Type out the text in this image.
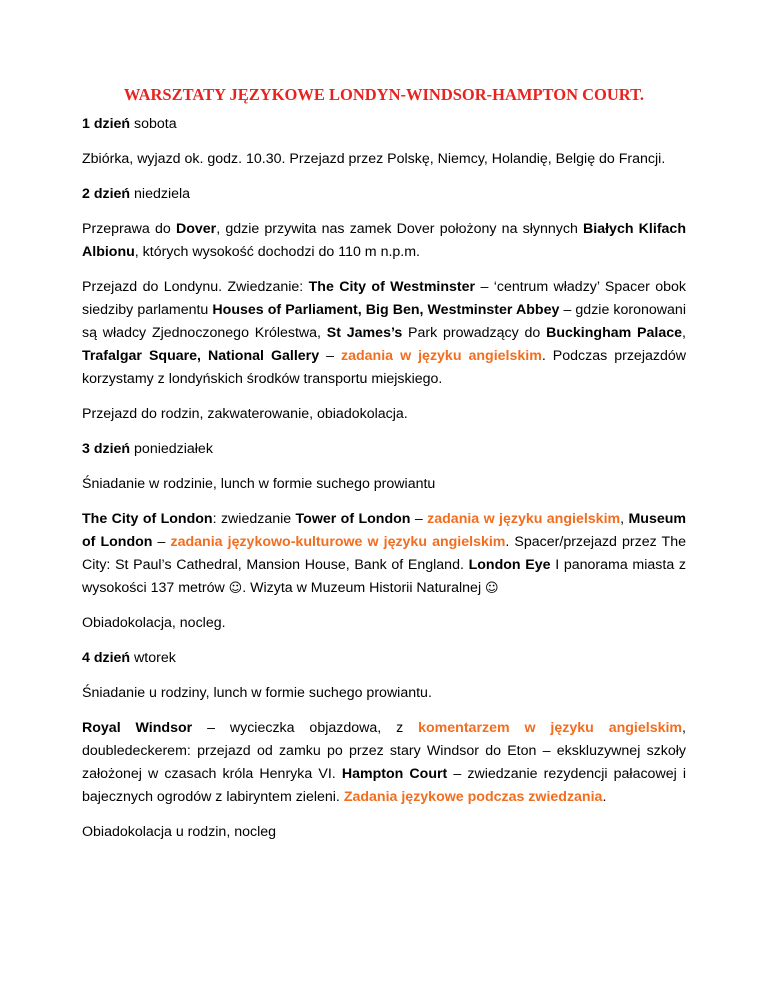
WARSZTATY JĘZYKOWE LONDYN-WINDSOR-HAMPTON COURT.

1 dzień sobota

Zbiórka, wyjazd ok. godz. 10.30. Przejazd przez Polskę, Niemcy, Holandię, Belgię do Francji.

2 dzień niedziela

Przeprawa do Dover, gdzie przywita nas zamek Dover położony na słynnych Białych Klifach Albionu, których wysokość dochodzi do 110 m n.p.m.

Przejazd do Londynu. Zwiedzanie: The City of Westminster – ‘centrum władzy’ Spacer obok siedziby parlamentu Houses of Parliament, Big Ben, Westminster Abbey – gdzie koronowani są władcy Zjednoczonego Królestwa, St James’s Park prowadzący do Buckingham Palace, Trafalgar Square, National Gallery – zadania w języku angielskim. Podczas przejazdów korzystamy z londyńskich środków transportu miejskiego.

Przejazd do rodzin, zakwaterowanie, obiadokolacja.

3 dzień poniedziałek

Śniadanie w rodzinie, lunch w formie suchego prowiantu

The City of London: zwiedzanie Tower of London – zadania w języku angielskim, Museum of London – zadania językowo-kulturowe w języku angielskim. Spacer/przejazd przez The City: St Paul’s Cathedral, Mansion House, Bank of England. London Eye I panorama miasta z wysokości 137 metrów ☺. Wizyta w Muzeum Historii Naturalnej ☺

Obiadokolacja, nocleg.

4 dzień wtorek

Śniadanie u rodziny, lunch w formie suchego prowiantu.

Royal Windsor – wycieczka objazdowa, z komentarzem w języku angielskim, doubledeckerem: przejazd od zamku po przez stary Windsor do Eton – ekskluzywnej szkoły założonej w czasach króla Henryka VI. Hampton Court – zwiedzanie rezydencji pałacowej i bajecznych ogrodów z labiryntem zieleni. Zadania językowe podczas zwiedzania.

Obiadokolacja u rodzin, nocleg
